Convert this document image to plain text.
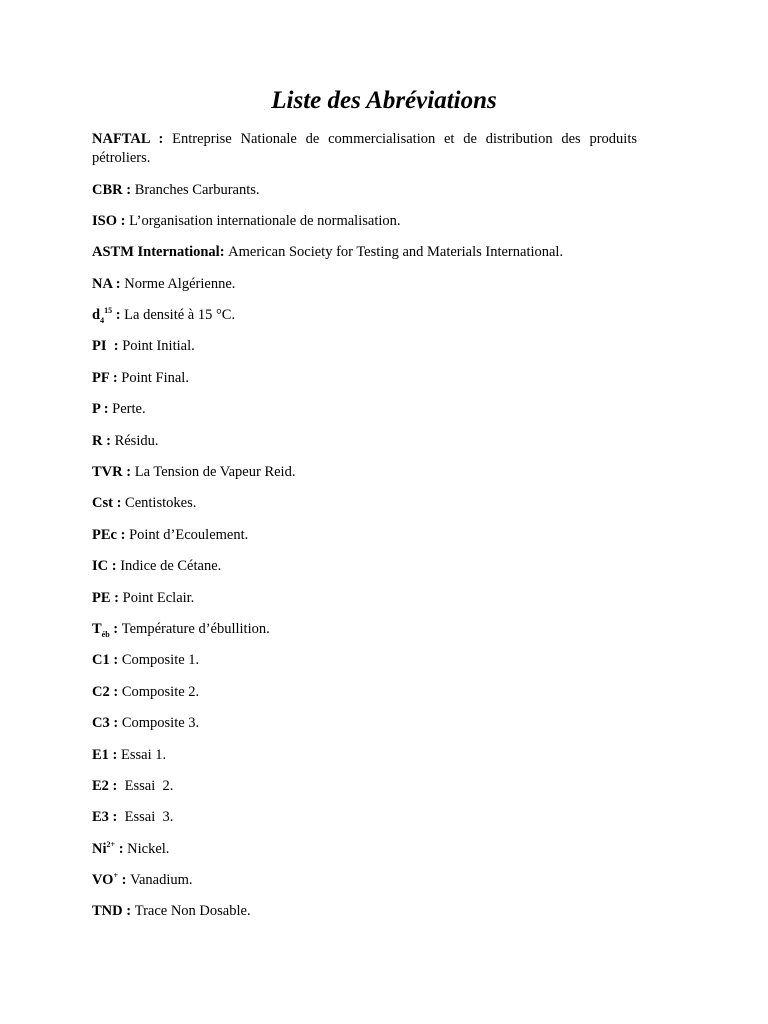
Liste des Abréviations
NAFTAL : Entreprise Nationale de commercialisation et de distribution des produits pétroliers.
CBR : Branches Carburants.
ISO : L’organisation internationale de normalisation.
ASTM International: American Society for Testing and Materials International.
NA : Norme Algérienne.
$d_4^{15}$ : La densité à 15 °C.
PI  : Point Initial.
PF : Point Final.
P : Perte.
R : Résidu.
TVR : La Tension de Vapeur Reid.
Cst : Centistokes.
PEc : Point d’Ecoulement.
IC : Indice de Cétane.
PE : Point Eclair.
$T_{éb}$ : Température d’ébullition.
C1 : Composite 1.
C2 : Composite 2.
C3 : Composite 3.
E1 : Essai 1.
E2 :  Essai  2.
E3 :  Essai  3.
$Ni^{2+}$ : Nickel.
VO+ : Vanadium.
TND : Trace Non Dosable.
